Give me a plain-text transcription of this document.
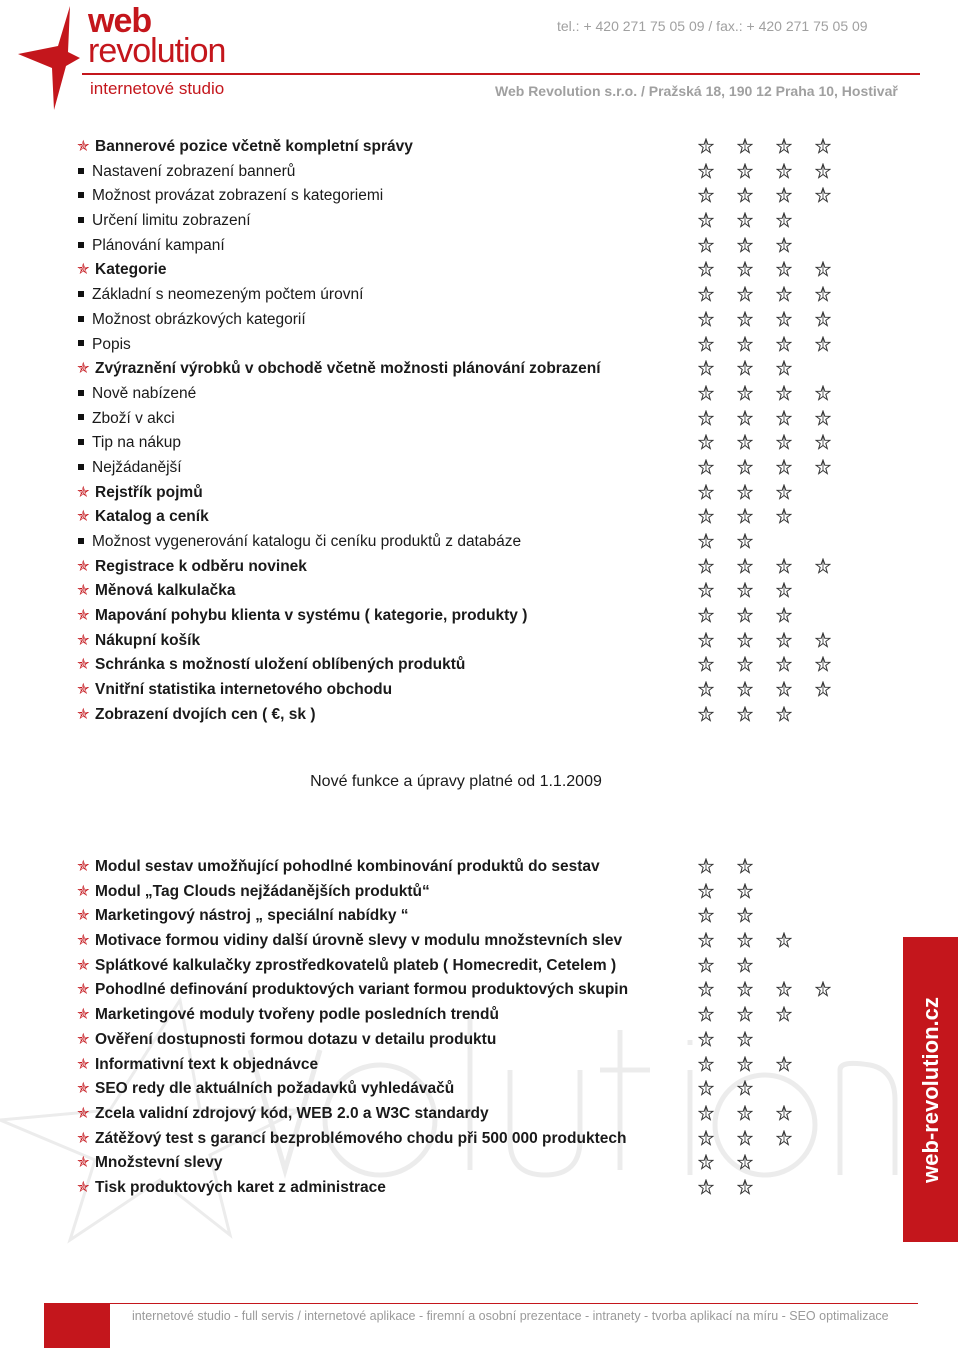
web
revolution
internetové studio
tel.: + 420 271 75 05 09 / fax.: + 420 271 75 05 09
Web Revolution s.r.o. / Pražská 18, 190 12 Praha 10, Hostivař
✯ Bannerové pozice včetně kompletní správy
Nastavení zobrazení bannerů
Možnost provázat zobrazení s kategoriemi
Určení limitu zobrazení
Plánování kampaní
✯ Kategorie
Základní s neomezeným počtem úrovní
Možnost obrázkových kategorií
Popis
✯ Zvýraznění výrobků v obchodě včetně možnosti plánování zobrazení
Nově nabízené
Zboží v akci
Tip na nákup
Nejžádanější
✯ Rejstřík pojmů
✯ Katalog a ceník
Možnost vygenerování katalogu či ceníku produktů z databáze
✯ Registrace k odběru novinek
✯ Měnová kalkulačka
✯ Mapování pohybu klienta v systému ( kategorie, produkty )
✯ Nákupní košík
✯ Schránka s možností uložení oblíbených produktů
✯ Vnitřní statistika internetového obchodu
✯ Zobrazení dvojích cen ( €, sk )
Nové funkce a úpravy platné od 1.1.2009
✯ Modul sestav umožňující pohodlné kombinování produktů do sestav
✯ Modul „Tag Clouds nejžádanějších produktů“
✯ Marketingový nástroj „ speciální nabídky “
✯ Motivace formou vidiny další úrovně slevy v modulu množstevních slev
✯ Splátkové kalkulačky zprostředkovatelů plateb ( Homecredit, Cetelem )
✯ Pohodlné definování produktových variant formou produktových skupin
✯ Marketingové moduly tvořeny podle posledních trendů
✯ Ověření dostupnosti formou dotazu v detailu produktu
✯ Informativní text k objednávce
✯ SEO redy dle aktuálních požadavků vyhledávačů
✯ Zcela validní zdrojový kód, WEB 2.0 a W3C standardy
✯ Zátěžový test s garancí bezproblémového chodu při 500 000 produktech
✯ Množstevní slevy
✯ Tisk produktových karet z administrace
web-revolution.cz
internetové studio - full servis / internetové aplikace - firemní a osobní prezentace - intranety - tvorba aplikací na míru - SEO optimalizace
